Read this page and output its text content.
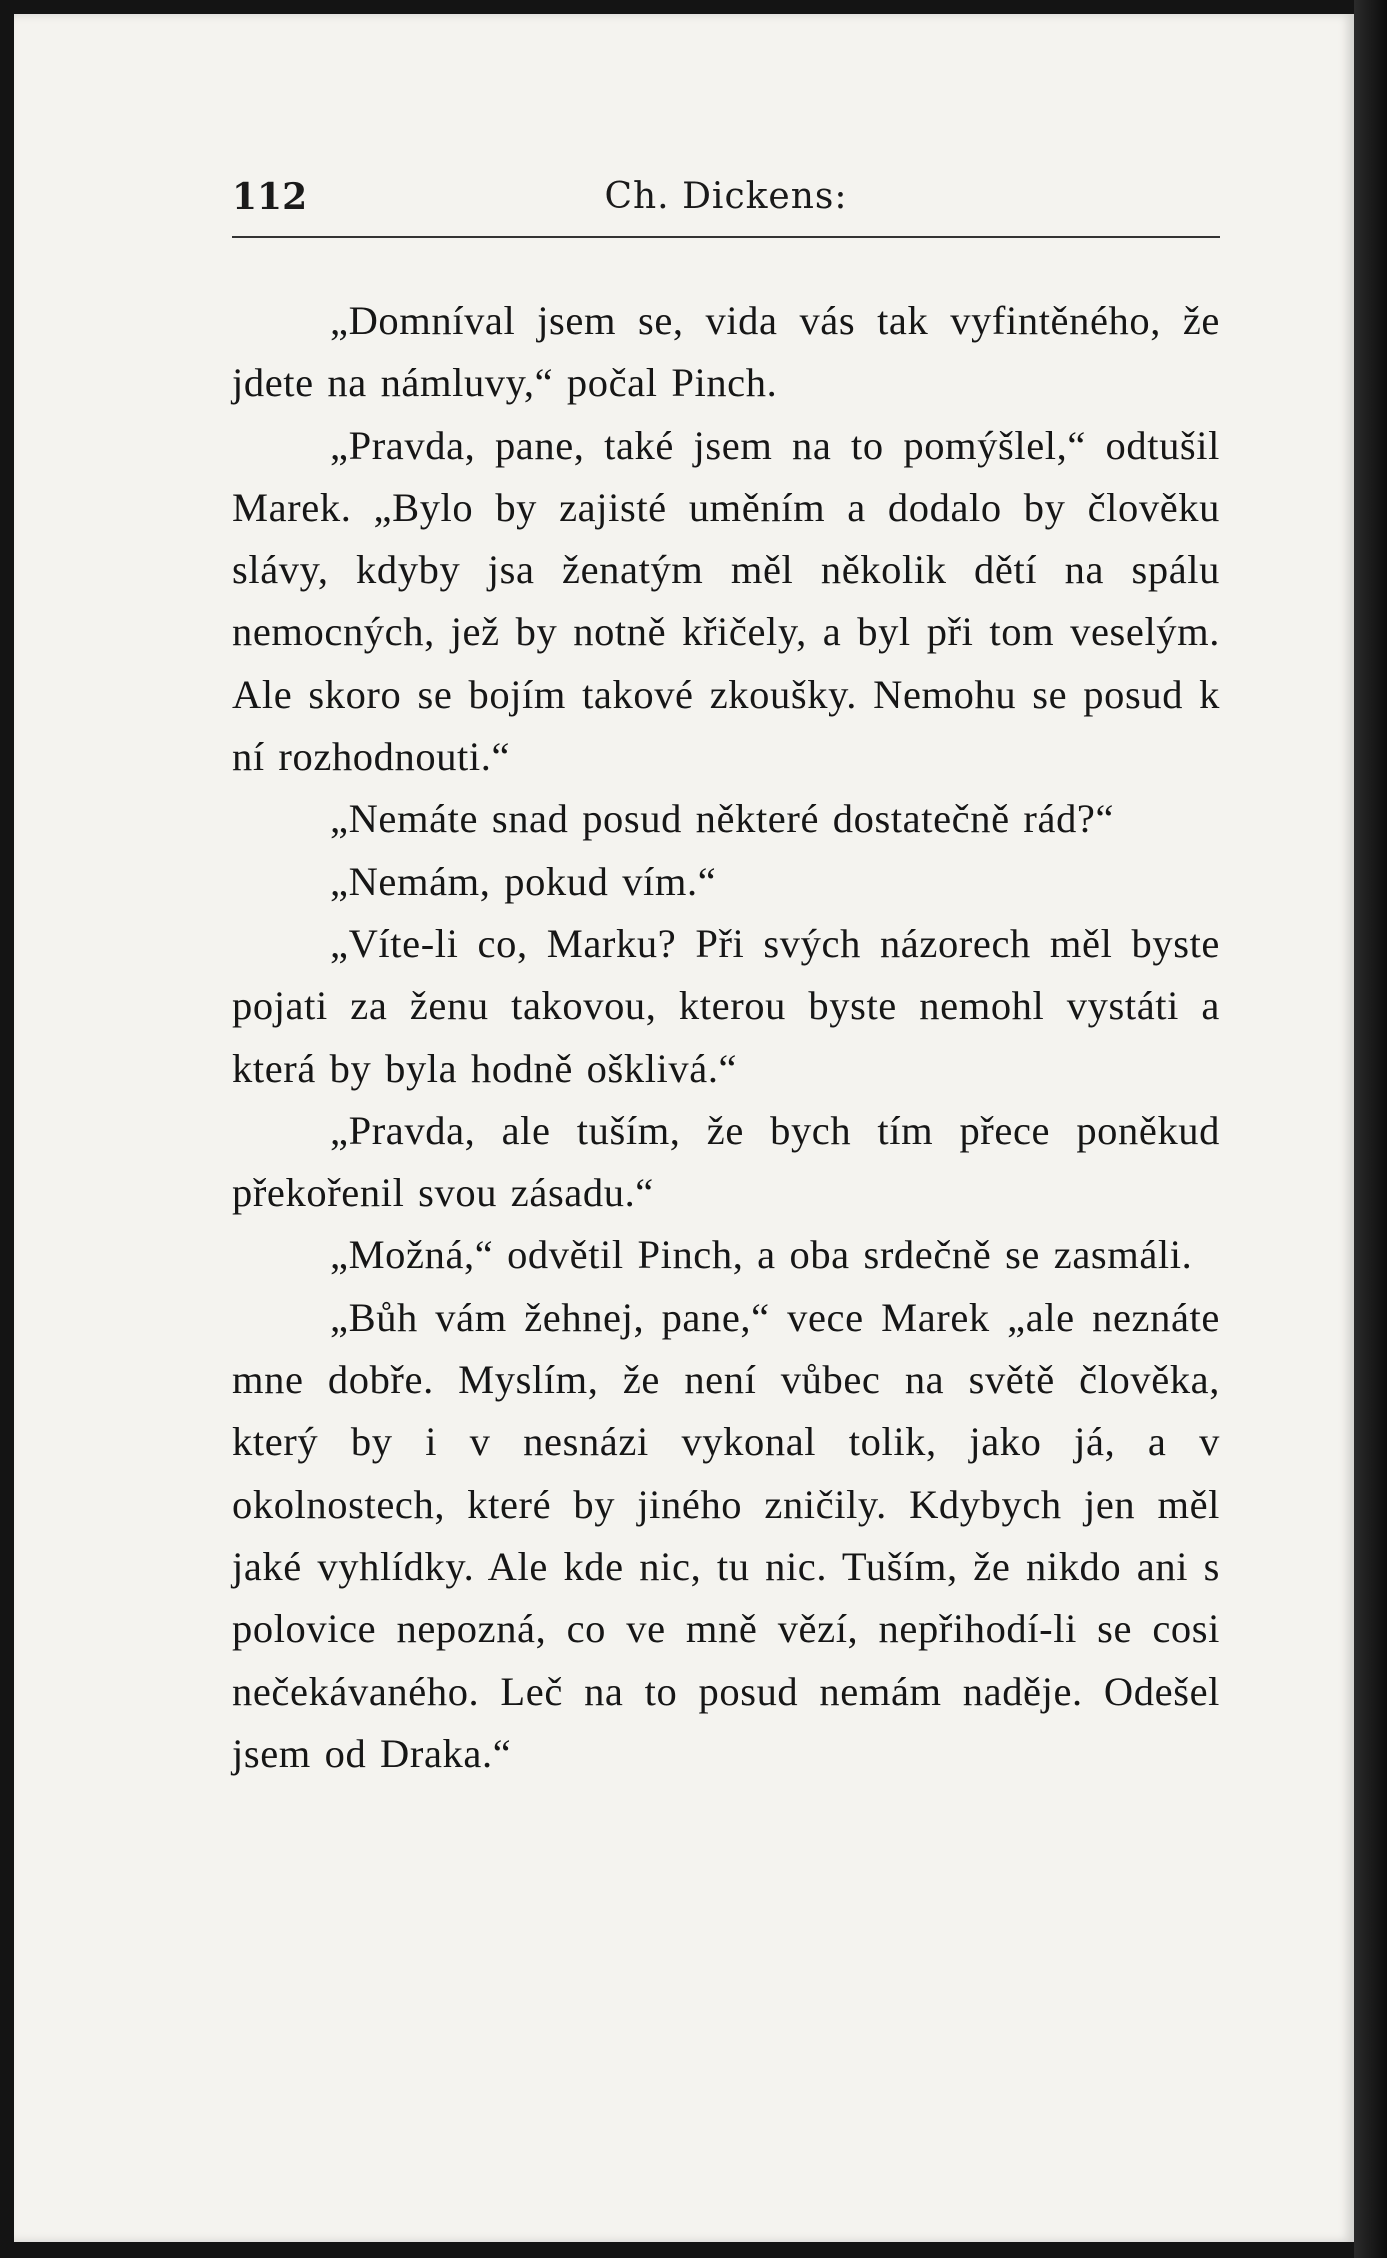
112	Ch. Dickens:

„Domníval jsem se, vida vás tak vyfintěného, že jdete na námluvy,“ počal Pinch.

„Pravda, pane, také jsem na to pomýšlel,“ odtušil Marek. „Bylo by zajisté uměním a dodalo by člověku slávy, kdyby jsa ženatým měl několik dětí na spálu nemocných, jež by notně křičely, a byl při tom veselým. Ale skoro se bojím takové zkoušky. Nemohu se posud k ní rozhodnouti.“

„Nemáte snad posud některé dostatečně rád?“

„Nemám, pokud vím.“

„Víte-li co, Marku? Při svých názorech měl byste pojati za ženu takovou, kterou byste nemohl vystáti a která by byla hodně ošklivá.“

„Pravda, ale tuším, že bych tím přece poněkud překořenil svou zásadu.“

„Možná,“ odvětil Pinch, a oba srdečně se zasmáli.

„Bůh vám žehnej, pane,“ vece Marek „ale neznáte mne dobře. Myslím, že není vůbec na světě člověka, který by i v nesnázi vykonal tolik, jako já, a v okolnostech, které by jiného zničily. Kdybych jen měl jaké vyhlídky. Ale kde nic, tu nic. Tuším, že nikdo ani s polovice nepozná, co ve mně vězí, nepřihodí-li se cosi nečekávaného. Leč na to posud nemám naděje. Odešel jsem od Draka.“
